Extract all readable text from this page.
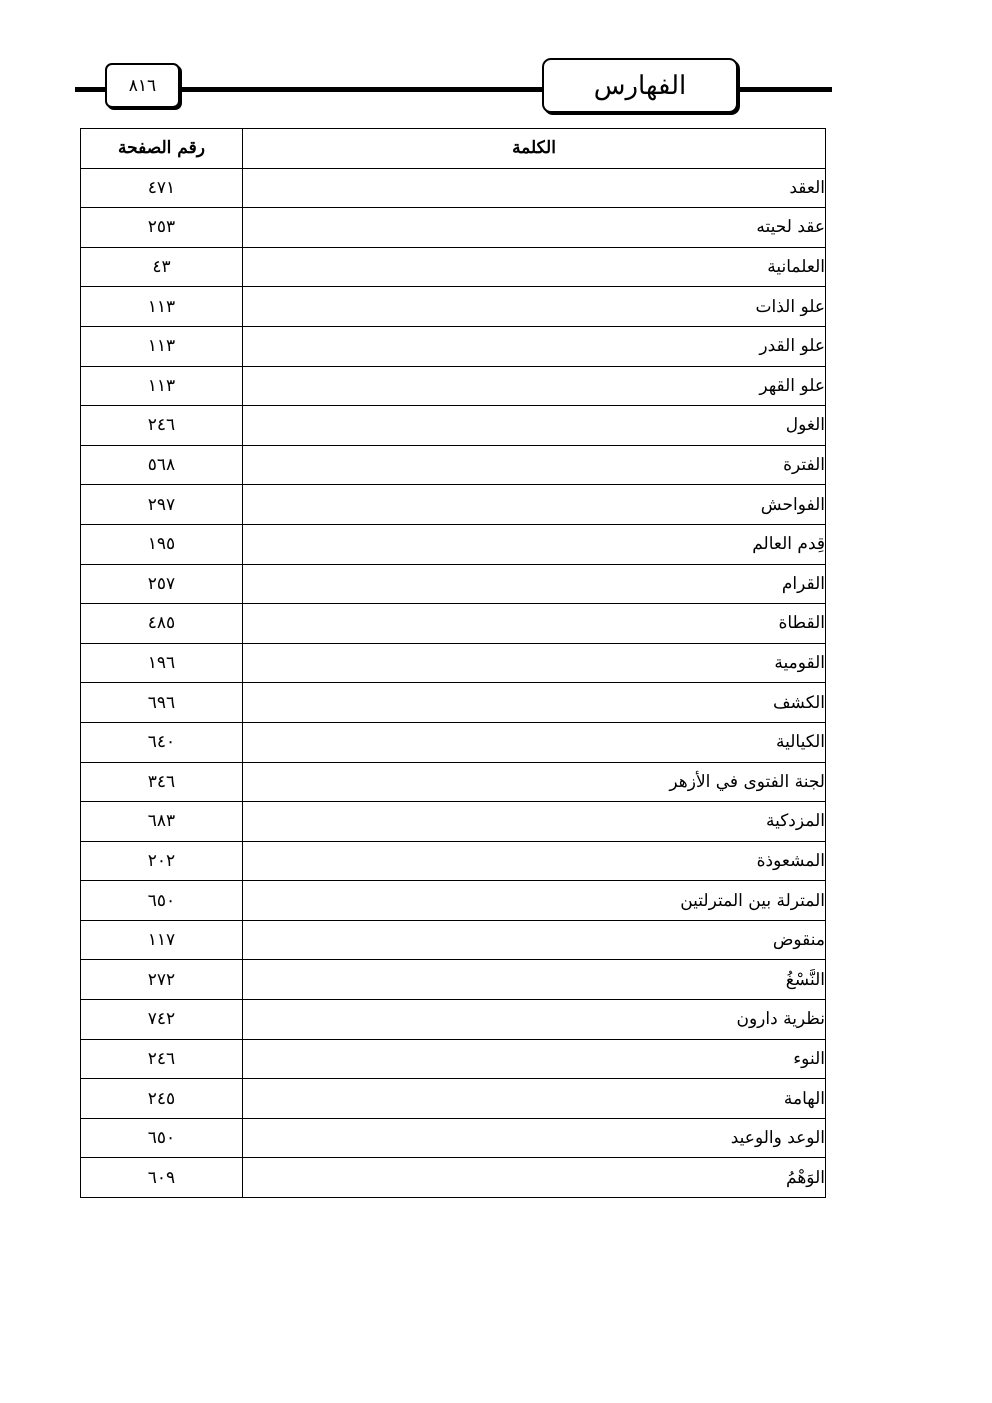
٨١٦	الفهارس
الكلمة	رقم الصفحة
العقد	٤٧١
عقد لحيته	٢٥٣
العلمانية	٤٣
علو الذات	١١٣
علو القدر	١١٣
علو القهر	١١٣
الغول	٢٤٦
الفترة	٥٦٨
الفواحش	٢٩٧
قِدم العالم	١٩٥
القرام	٢٥٧
القطاة	٤٨٥
القومية	١٩٦
الكشف	٦٩٦
الكيالية	٦٤٠
لجنة الفتوى في الأزهر	٣٤٦
المزدكية	٦٨٣
المشعوذة	٢٠٢
المترلة بين المترلتين	٦٥٠
منقوض	١١٧
النَّسْغُ	٢٧٢
نظرية دارون	٧٤٢
النوء	٢٤٦
الهامة	٢٤٥
الوعد والوعيد	٦٥٠
الوَهْمُ	٦٠٩
